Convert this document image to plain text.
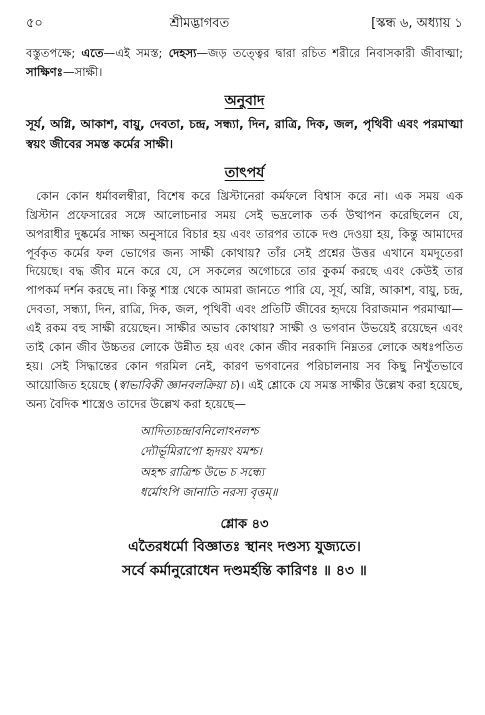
৫০	শ্রীমদ্ভাগবত	[স্কন্ধ ৬, অধ্যায় ১

বস্তুতপক্ষে; এতে—এই সমস্ত; দেহস্য—জড় তত্ত্বের দ্বারা রচিত শরীরে নিবাসকারী জীবাত্মা; সাক্ষিণঃ—সাক্ষী।

অনুবাদ

সূর্য, অগ্নি, আকাশ, বায়ু, দেবতা, চন্দ্র, সন্ধ্যা, দিন, রাত্রি, দিক, জল, পৃথিবী এবং পরমাত্মা স্বয়ং জীবের সমস্ত কর্মের সাক্ষী।

তাৎপর্য

কোন কোন ধর্মাবলম্বীরা, বিশেষ করে খ্রিস্টানেরা কর্মফলে বিশ্বাস করে না। এক সময় এক খ্রিস্টান প্রফেসারের সঙ্গে আলোচনার সময় সেই ভদ্রলোক তর্ক উত্থাপন করেছিলেন যে, অপরাধীর দুষ্কর্মের সাক্ষ্য অনুসারে বিচার হয় এবং তারপর তাকে দণ্ড দেওয়া হয়, কিন্তু আমাদের পূর্বকৃত কর্মের ফল ভোগের জন্য সাক্ষী কোথায়? তাঁর সেই প্রশ্নের উত্তর এখানে যমদূতেরা দিয়েছে। বদ্ধ জীব মনে করে যে, সে সকলের অগোচরে তার কুকর্ম করছে এবং কেউই তার পাপকর্ম দর্শন করছে না। কিন্তু শাস্ত্র থেকে আমরা জানতে পারি যে, সূর্য, অগ্নি, আকাশ, বায়ু, চন্দ্র, দেবতা, সন্ধ্যা, দিন, রাত্রি, দিক, জল, পৃথিবী এবং প্রতিটি জীবের হৃদয়ে বিরাজমান পরমাত্মা—এই রকম বহু সাক্ষী রয়েছেন। সাক্ষীর অভাব কোথায়? সাক্ষী ও ভগবান উভয়েই রয়েছেন এবং তাই কোন জীব উচ্চতর লোকে উন্নীত হয় এবং কোন জীব নরকাদি নিম্নতর লোকে অধঃপতিত হয়। সেই সিদ্ধান্তের কোন গরমিল নেই, কারণ ভগবানের পরিচালনায় সব কিছু নিখুঁতভাবে আয়োজিত হয়েছে (স্বাভাবিকী জ্ঞানবলক্রিয়া চ)। এই শ্লোকে যে সমস্ত সাক্ষীর উল্লেখ করা হয়েছে, অন্য বৈদিক শাস্ত্রেও তাদের উল্লেখ করা হয়েছে—

আদিত্যচন্দ্রাবনিলোঽনলশ্চ
দ্যৌর্ভূমিরাপো হৃদয়ং যমশ্চ।
অহশ্চ রাত্রিশ্চ উভে চ সন্ধ্যে
ধর্মোঽপি জানাতি নরস্য বৃত্তম্॥
শ্লোক ৪৩
এতৈরধর্মো বিজ্ঞাতঃ স্থানং দণ্ডস্য যুজ্যতে।
সর্বে কর্মানুরোধেন দণ্ডমর্হন্তি কারিণঃ ॥ ৪৩ ॥
